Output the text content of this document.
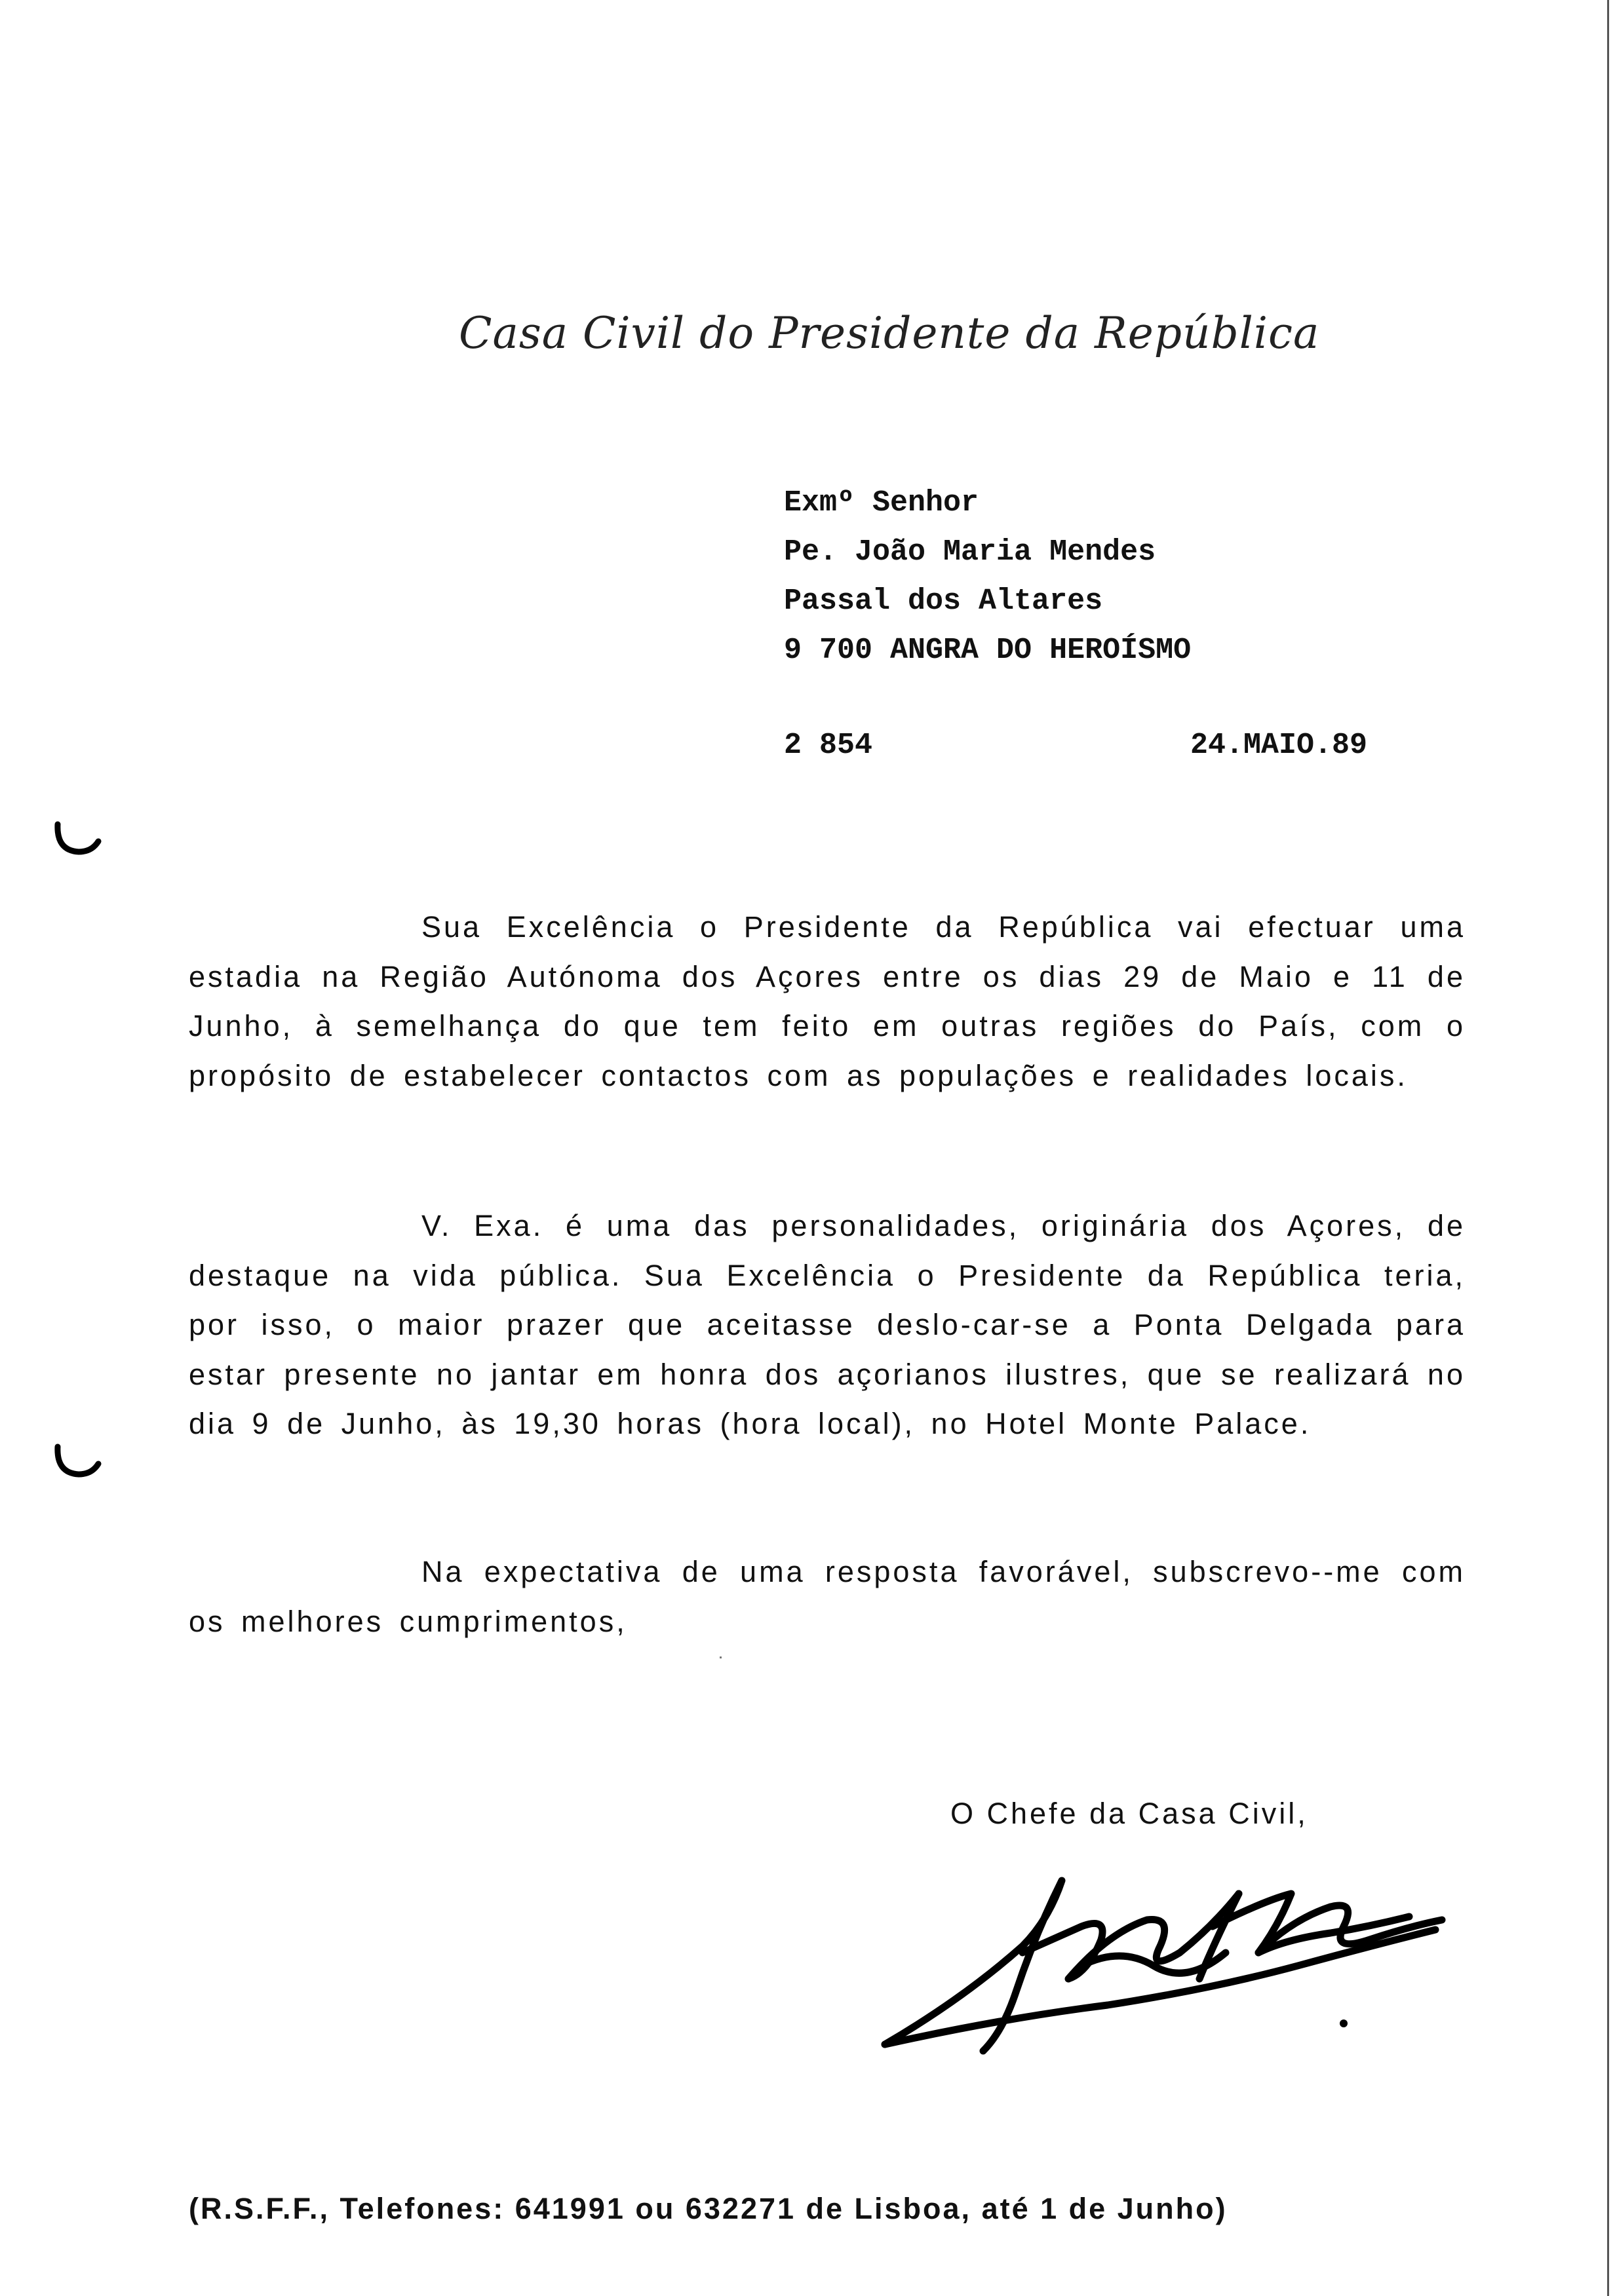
Casa Civil do Presidente da República
Exmº Senhor
Pe. João Maria Mendes
Passal dos Altares
9 700 ANGRA DO HEROÍSMO
2 854	24.MAIO.89
Sua Excelência o Presidente da República vai efectuar uma estadia na Região Autónoma dos Açores entre os dias 29 de Maio e 11 de Junho, à semelhança do que tem feito em outras regiões do País, com o propósito de estabelecer contactos com as populações e realidades locais.
V. Exa. é uma das personalidades, originária dos Açores, de destaque na vida pública. Sua Excelência o Presidente da República teria, por isso, o maior prazer que aceitasse deslo-car-se a Ponta Delgada para estar presente no jantar em honra dos açorianos ilustres, que se realizará no dia 9 de Junho, às 19,30 horas (hora local), no Hotel Monte Palace.
Na expectativa de uma resposta favorável, subscrevo--me com os melhores cumprimentos,
O Chefe da Casa Civil,
(R.S.F.F., Telefones: 641991 ou 632271 de Lisboa, até 1 de Junho)
